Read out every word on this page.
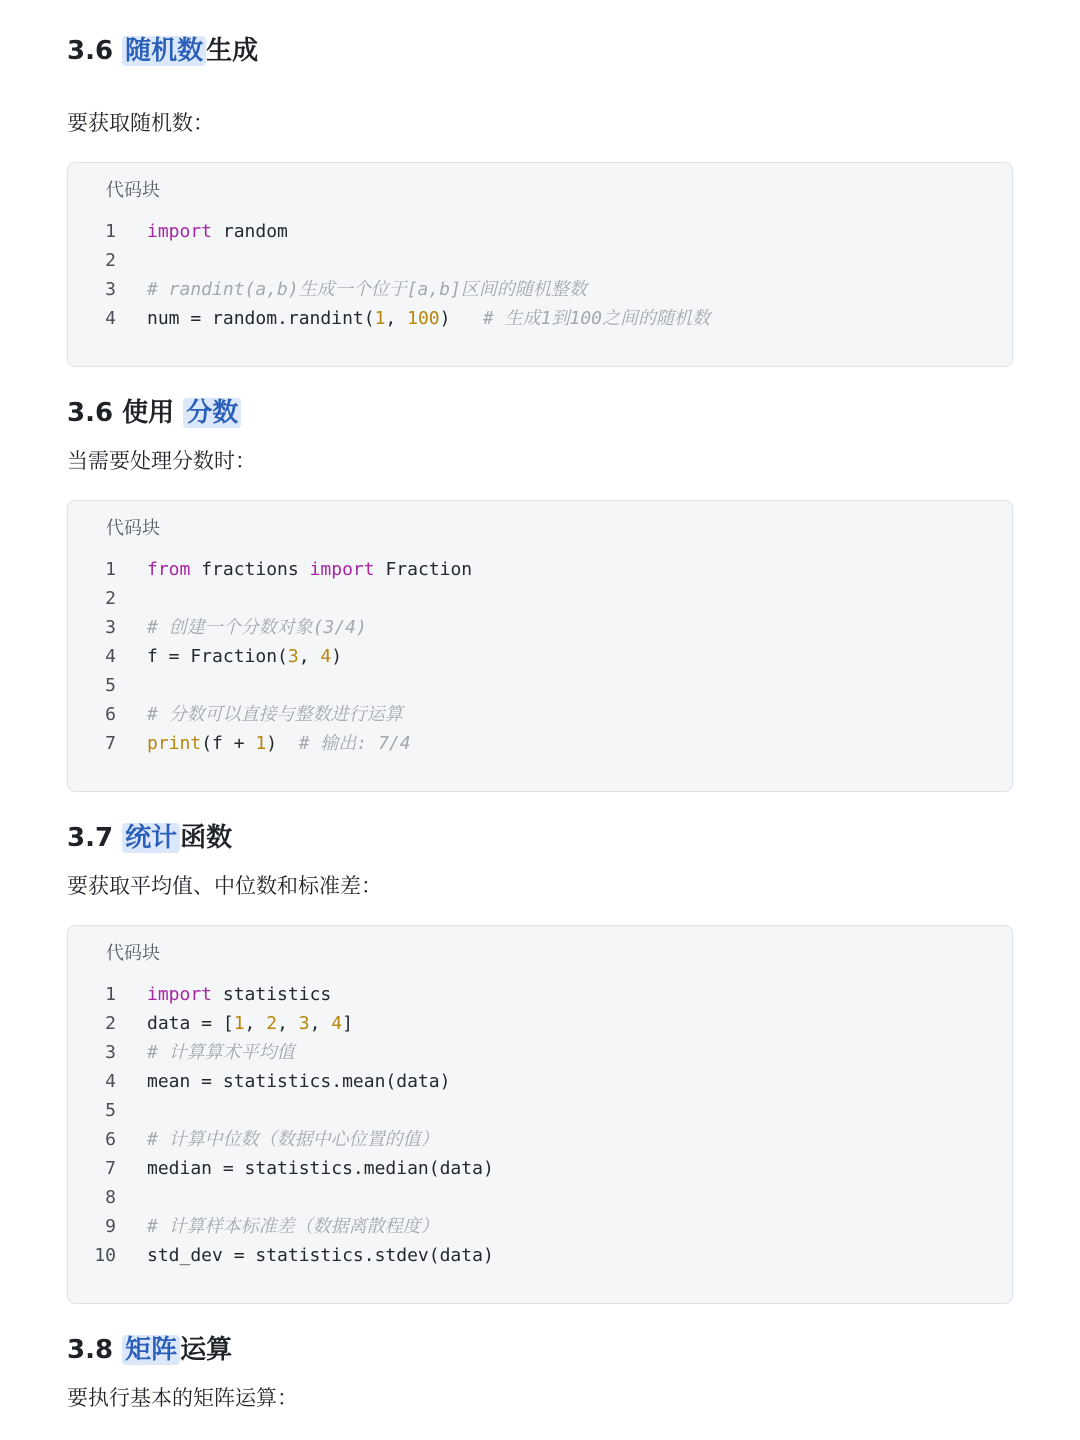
3.6 随机数 生成

要获取随机数：

代码块
1 import random
2
3 # randint(a,b)生成一个位于[a,b]区间的随机整数
4 num = random.randint(1, 100)   # 生成1到100之间的随机数
3.6 使用 分数

当需要处理分数时：

代码块
1 from fractions import Fraction
2
3 # 创建一个分数对象(3/4)
4 f = Fraction(3, 4)
5
6 # 分数可以直接与整数进行运算
7 print(f + 1)  # 输出: 7/4
3.7 统计 函数

要获取平均值、中位数和标准差：

代码块
1 import statistics
2 data = [1, 2, 3, 4]
3 # 计算算术平均值
4 mean = statistics.mean(data)
5
6 # 计算中位数（数据中心位置的值）
7 median = statistics.median(data)
8
9 # 计算样本标准差（数据离散程度）
10 std_dev = statistics.stdev(data)
3.8 矩阵 运算

要执行基本的矩阵运算：
